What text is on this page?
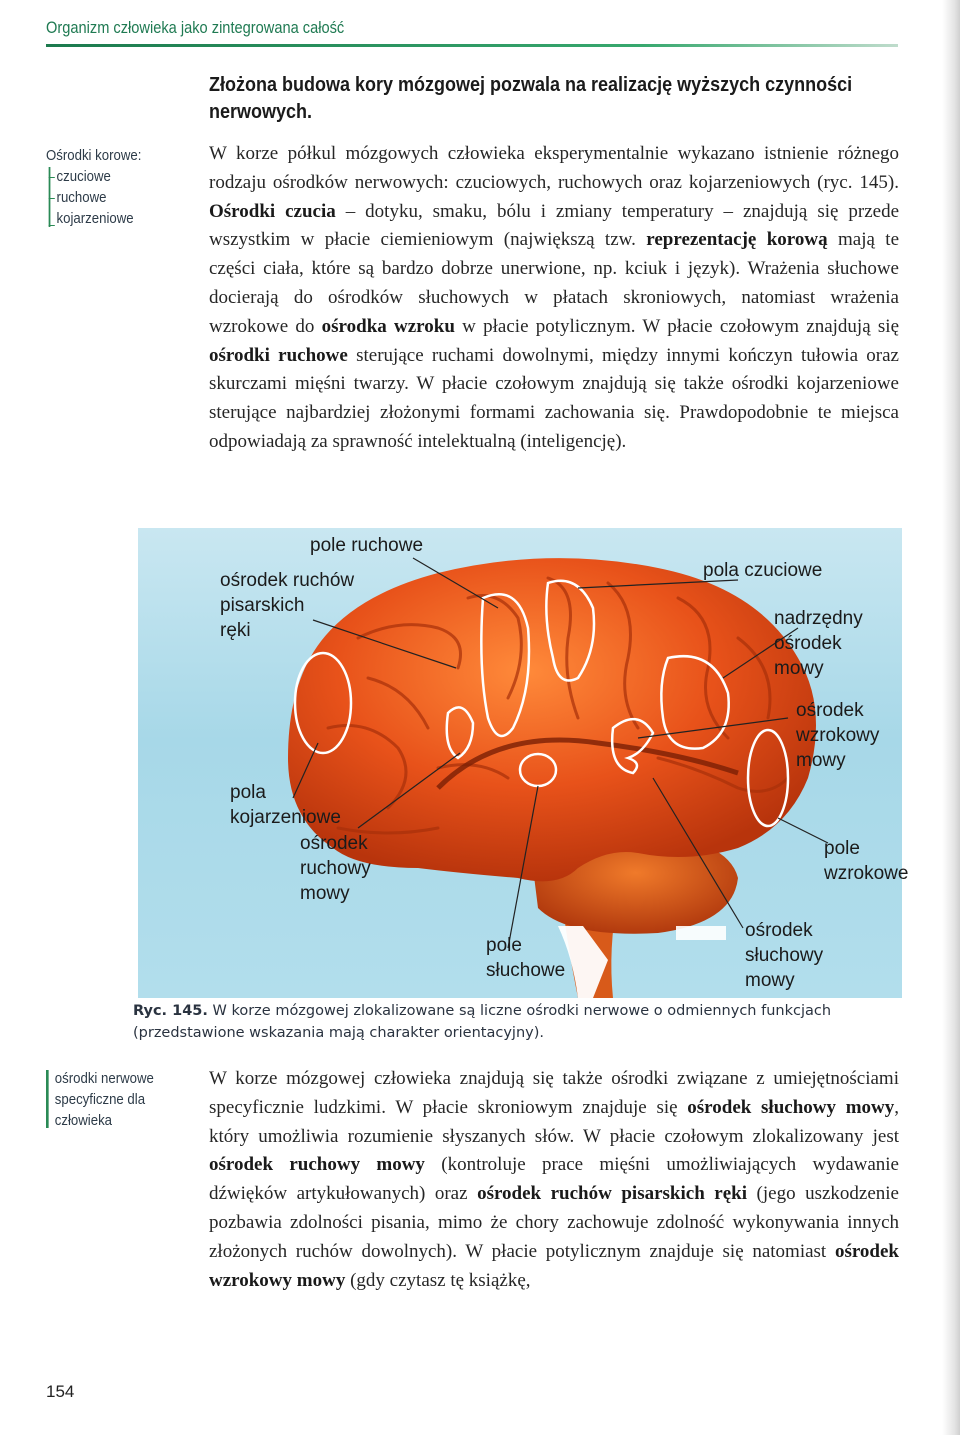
Organizm człowieka jako zintegrowana całość
Złożona budowa kory mózgowej pozwala na realizację wyższych czynności nerwowych.
Ośrodki korowe:
czuciowe
ruchowe
kojarzeniowe

W korze półkul mózgowych człowieka eksperymentalnie wykazano istnienie różnego rodzaju ośrodków nerwowych: czuciowych, ruchowych oraz kojarzeniowych (ryc. 145). Ośrodki czucia – dotyku, smaku, bólu i zmiany temperatury – znajdują się przede wszystkim w płacie ciemieniowym (największą tzw. reprezentację korową mają te części ciała, które są bardzo dobrze unerwione, np. kciuk i język). Wrażenia słuchowe docierają do ośrodków słuchowych w płatach skroniowych, natomiast wrażenia wzrokowe do ośrodka wzroku w płacie potylicznym. W płacie czołowym znajdują się ośrodki ruchowe sterujące ruchami dowolnymi, między innymi kończyn tułowia oraz skurczami mięśni twarzy. W płacie czołowym znajdują się także ośrodki kojarzeniowe sterujące najbardziej złożonymi formami zachowania się. Prawdopodobnie te miejsca odpowiadają za sprawność intelektualną (inteligencję).

pole ruchowe
ośrodek ruchów
pisarskich
ręki
pola czuciowe
nadrzędny
ośrodek
mowy
ośrodek
wzrokowy
mowy
pola
kojarzeniowe
ośrodek
ruchowy
mowy
pole
wzrokowe
ośrodek
słuchowy
mowy
pole
słuchowe
Ryc. 145. W korze mózgowej zlokalizowane są liczne ośrodki nerwowe o odmiennych funkcjach (przedstawione wskazania mają charakter orientacyjny).
ośrodki nerwowe
specyficzne dla
człowieka

W korze mózgowej człowieka znajdują się także ośrodki związane z umiejętnościami specyficznie ludzkimi. W płacie skroniowym znajduje się ośrodek słuchowy mowy, który umożliwia rozumienie słyszanych słów. W płacie czołowym zlokalizowany jest ośrodek ruchowy mowy (kontroluje prace mięśni umożliwiających wydawanie dźwięków artykułowanych) oraz ośrodek ruchów pisarskich ręki (jego uszkodzenie pozbawia zdolności pisania, mimo że chory zachowuje zdolność wykonywania innych złożonych ruchów dowolnych). W płacie potylicznym znajduje się natomiast ośrodek wzrokowy mowy (gdy czytasz tę książkę,

154
